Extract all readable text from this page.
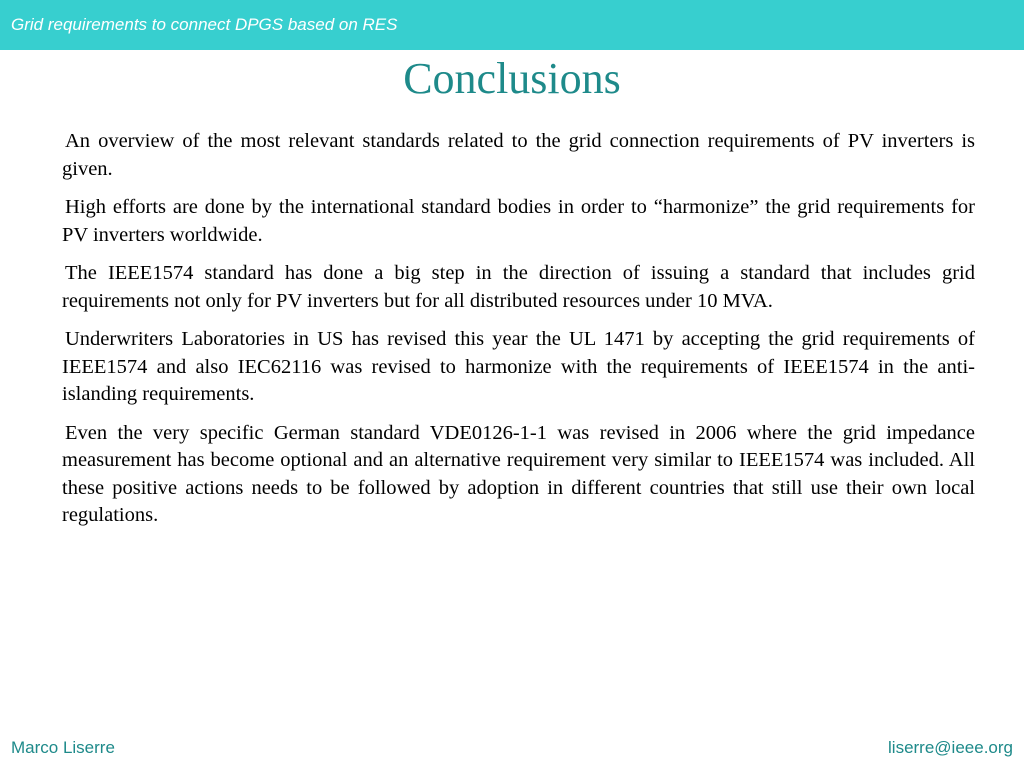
Grid requirements to connect DPGS based on RES
Conclusions

An overview of the most relevant standards related to the grid connection requirements of PV inverters is given.

High efforts are done by the international standard bodies in order to “harmonize” the grid requirements for PV inverters worldwide.

The IEEE1574 standard has done a big step in the direction of issuing a standard that includes grid requirements not only for PV inverters but for all distributed resources under 10 MVA.

Underwriters Laboratories in US has revised this year the UL 1471 by accepting the grid requirements of IEEE1574 and also IEC62116 was revised to harmonize with the requirements of IEEE1574 in the anti-islanding requirements.

Even the very specific German standard VDE0126-1-1 was revised in 2006 where the grid impedance measurement has become optional and an alternative requirement very similar to IEEE1574 was included. All these positive actions needs to be followed by adoption in different countries that still use their own local regulations.

Marco Liserre	liserre@ieee.org
